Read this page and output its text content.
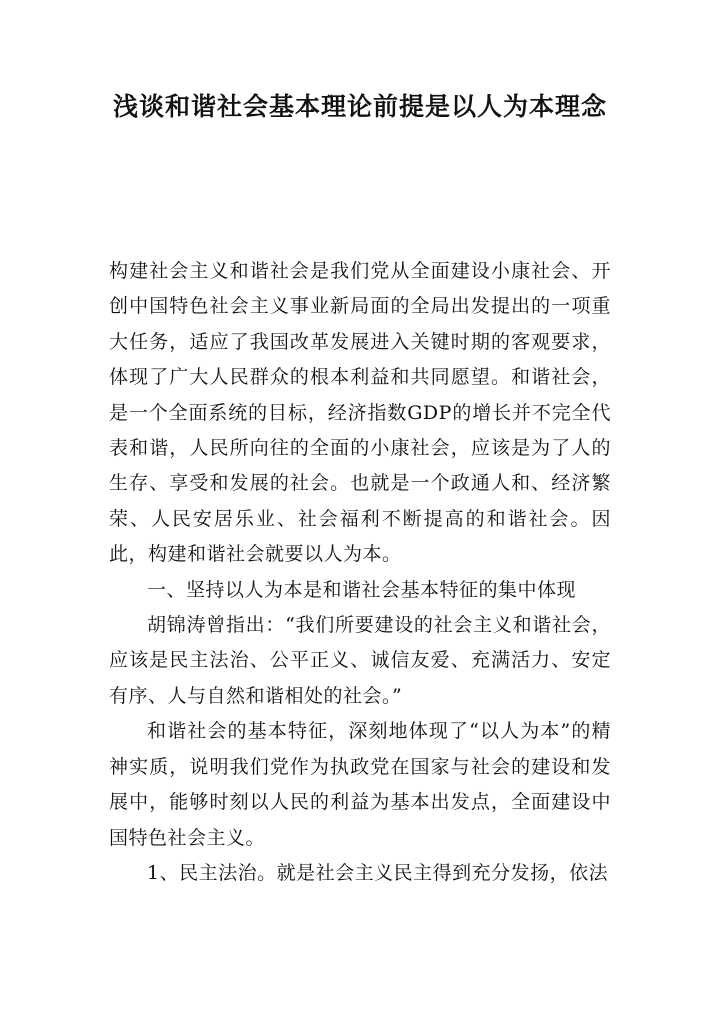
浅谈和谐社会基本理论前提是以人为本理念

构建社会主义和谐社会是我们党从全面建设小康社会、开创中国特色社会主义事业新局面的全局出发提出的一项重大任务，适应了我国改革发展进入关键时期的客观要求，体现了广大人民群众的根本利益和共同愿望。和谐社会，是一个全面系统的目标，经济指数GDP的增长并不完全代表和谐，人民所向往的全面的小康社会，应该是为了人的生存、享受和发展的社会。也就是一个政通人和、经济繁荣、人民安居乐业、社会福利不断提高的和谐社会。因此，构建和谐社会就要以人为本。

一、坚持以人为本是和谐社会基本特征的集中体现

胡锦涛曾指出：“我们所要建设的社会主义和谐社会，应该是民主法治、公平正义、诚信友爱、充满活力、安定有序、人与自然和谐相处的社会。”

和谐社会的基本特征，深刻地体现了“以人为本”的精神实质，说明我们党作为执政党在国家与社会的建设和发展中，能够时刻以人民的利益为基本出发点，全面建设中国特色社会主义。

1、民主法治。就是社会主义民主得到充分发扬，依法
